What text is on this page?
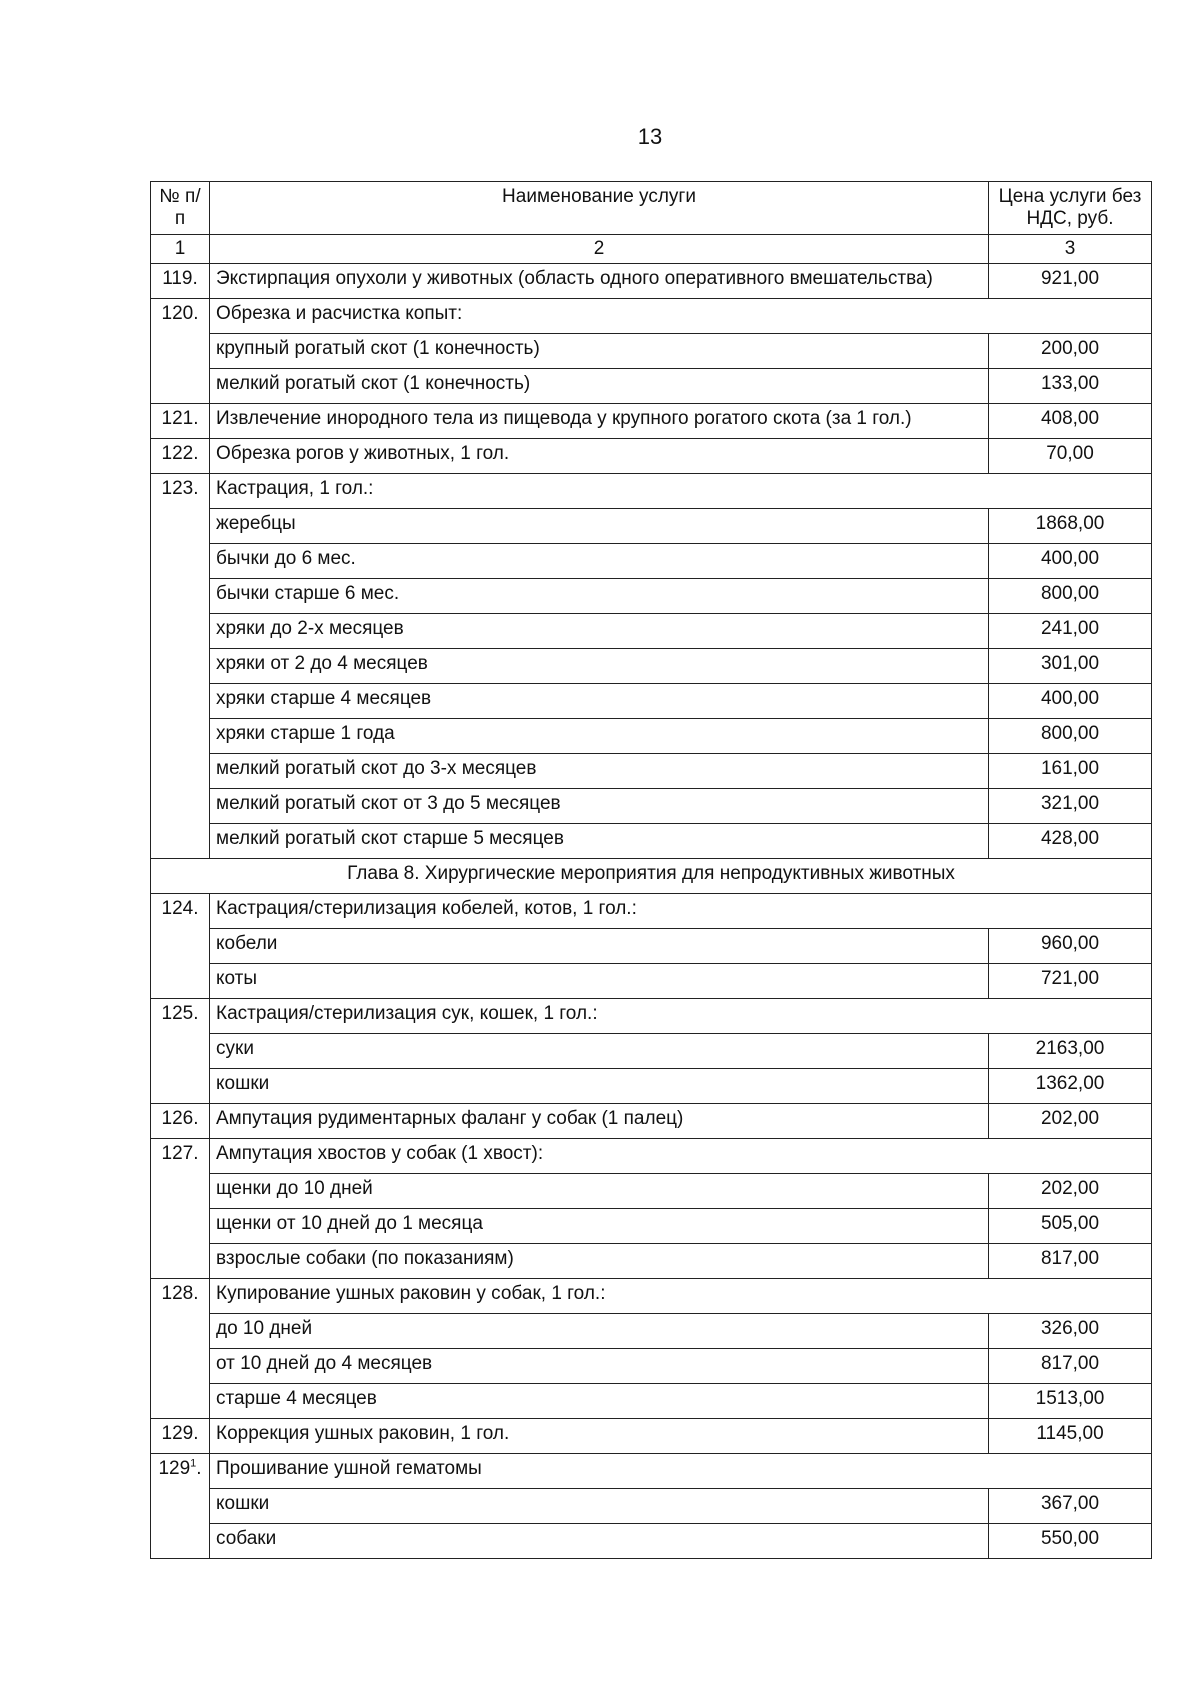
13
№ п/п	Наименование услуги	Цена услуги без НДС, руб.
1	2	3
119.	Экстирпация опухоли у животных (область одного оперативного вмешательства)	921,00
120.	Обрезка и расчистка копыт:	
	крупный рогатый скот (1 конечность)	200,00
	мелкий рогатый скот (1 конечность)	133,00
121.	Извлечение инородного тела из пищевода у крупного рогатого скота (за 1 гол.)	408,00
122.	Обрезка рогов у животных, 1 гол.	70,00
123.	Кастрация, 1 гол.:	
	жеребцы	1868,00
	бычки до 6 мес.	400,00
	бычки старше 6 мес.	800,00
	хряки до 2-х месяцев	241,00
	хряки от 2 до 4 месяцев	301,00
	хряки старше 4 месяцев	400,00
	хряки старше 1 года	800,00
	мелкий рогатый скот до 3-х месяцев	161,00
	мелкий рогатый скот от 3 до 5 месяцев	321,00
	мелкий рогатый скот старше 5 месяцев	428,00
Глава 8. Хирургические мероприятия для непродуктивных животных		
124.	Кастрация/стерилизация кобелей, котов, 1 гол.:	
	кобели	960,00
	коты	721,00
125.	Кастрация/стерилизация сук, кошек, 1 гол.:	
	суки	2163,00
	кошки	1362,00
126.	Ампутация рудиментарных фаланг у собак (1 палец)	202,00
127.	Ампутация хвостов у собак (1 хвост):	
	щенки до 10 дней	202,00
	щенки от 10 дней до 1 месяца	505,00
	взрослые собаки (по показаниям)	817,00
128.	Купирование ушных раковин у собак, 1 гол.:	
	до 10 дней	326,00
	от 10 дней до 4 месяцев	817,00
	старше 4 месяцев	1513,00
129.	Коррекция ушных раковин, 1 гол.	1145,00
$129^1$.	Прошивание ушной гематомы	
	кошки	367,00
	собаки	550,00
